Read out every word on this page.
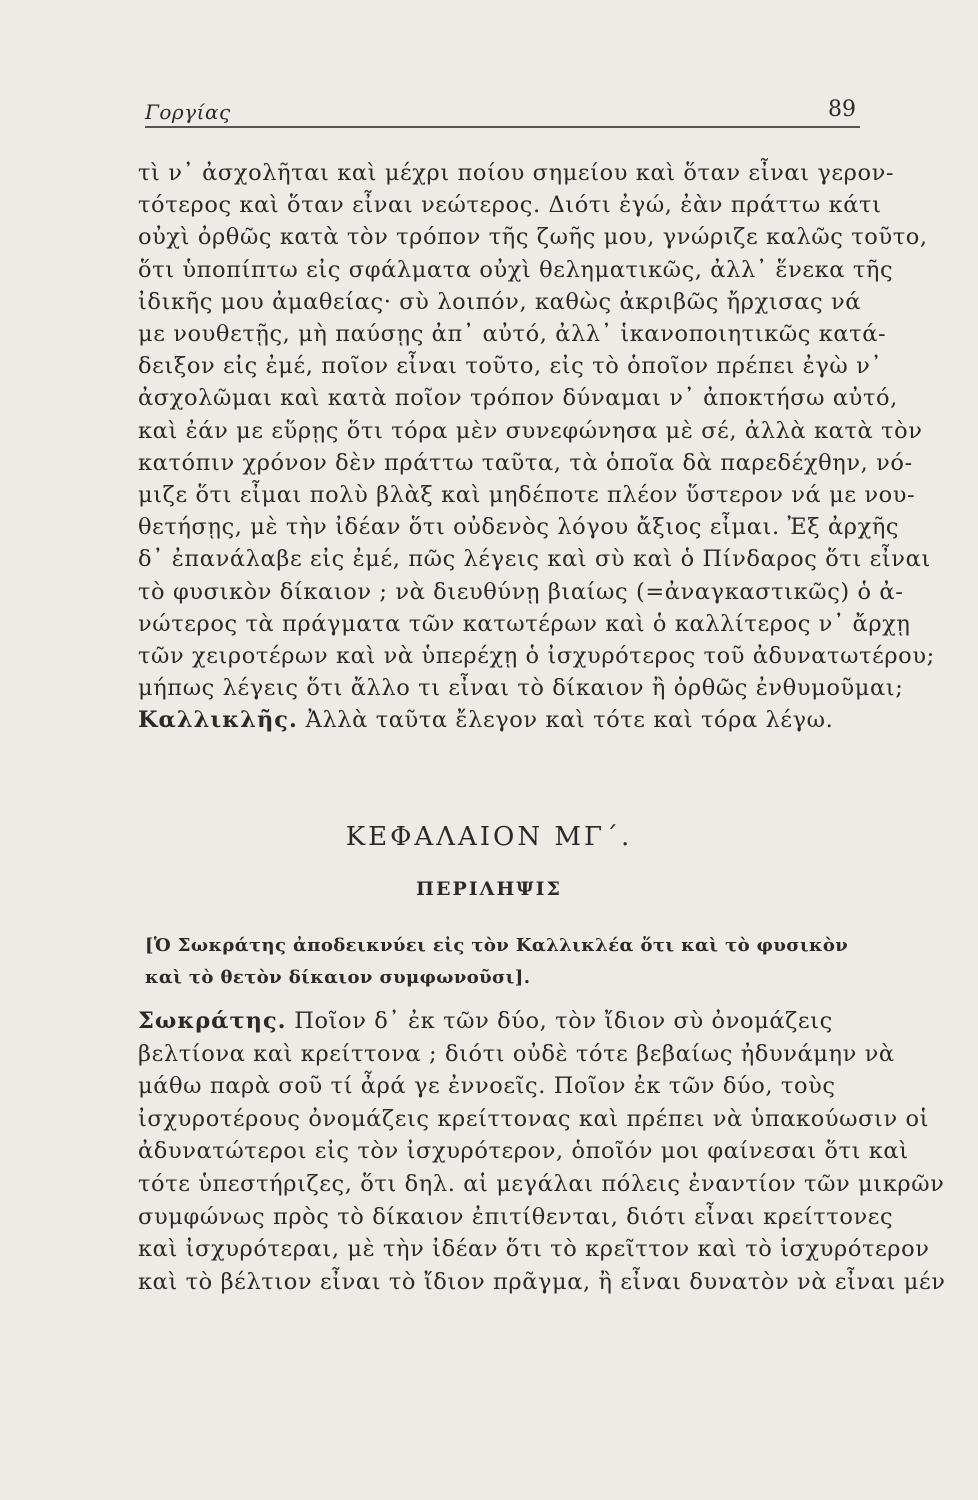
Γοργίας	89
τὶ ν᾽ ἀσχολῆται καὶ μέχρι ποίου σημείου καὶ ὅταν εἶναι γερον-
τότερος καὶ ὅταν εἶναι νεώτερος. Διότι ἐγώ, ἐὰν πράττω κάτι
οὐχὶ ὀρθῶς κατὰ τὸν τρόπον τῆς ζωῆς μου, γνώριζε καλῶς τοῦτο,
ὅτι ὑποπίπτω εἰς σφάλματα οὐχὶ θεληματικῶς, ἀλλ᾽ ἕνεκα τῆς
ἰδικῆς μου ἀμαθείας· σὺ λοιπόν, καθὼς ἀκριβῶς ἤρχισας νά
με νουθετῇς, μὴ παύσῃς ἀπ᾽ αὐτό, ἀλλ᾽ ἱκανοποιητικῶς κατά-
δειξον εἰς ἐμέ, ποῖον εἶναι τοῦτο, εἰς τὸ ὁποῖον πρέπει ἐγὼ ν᾽
ἀσχολῶμαι καὶ κατὰ ποῖον τρόπον δύναμαι ν᾽ ἀποκτήσω αὐτό,
καὶ ἐάν με εὕρῃς ὅτι τόρα μὲν συνεφώνησα μὲ σέ, ἀλλὰ κατὰ τὸν
κατόπιν χρόνον δὲν πράττω ταῦτα, τὰ ὁποῖα δὰ παρεδέχθην, νό-
μιζε ὅτι εἶμαι πολὺ βλὰξ καὶ μηδέποτε πλέον ὕστερον νά με νου-
θετήσῃς, μὲ τὴν ἰδέαν ὅτι οὐδενὸς λόγου ἄξιος εἶμαι. Ἐξ ἀρχῆς
δ᾽ ἐπανάλαβε εἰς ἐμέ, πῶς λέγεις καὶ σὺ καὶ ὁ Πίνδαρος ὅτι εἶναι
τὸ φυσικὸν δίκαιον ; νὰ διευθύνῃ βιαίως (=ἀναγκαστικῶς) ὁ ἀ-
νώτερος τὰ πράγματα τῶν κατωτέρων καὶ ὁ καλλίτερος ν᾽ ἄρχῃ
τῶν χειροτέρων καὶ νὰ ὑπερέχῃ ὁ ἰσχυρότερος τοῦ ἀδυνατωτέρου;
μήπως λέγεις ὅτι ἄλλο τι εἶναι τὸ δίκαιον ἢ ὀρθῶς ἐνθυμοῦμαι;
Καλλικλῆς. Ἀλλὰ ταῦτα ἔλεγον καὶ τότε καὶ τόρα λέγω.
ΚΕΦΑΛΑΙΟΝ ΜΓ΄.
ΠΕΡΙΛΗΨΙΣ
[Ὁ Σωκράτης ἀποδεικνύει εἰς τὸν Καλλικλέα ὅτι καὶ τὸ φυσικὸν
καὶ τὸ θετὸν δίκαιον συμφωνοῦσι].
Σωκράτης. Ποῖον δ᾽ ἐκ τῶν δύο, τὸν ἴδιον σὺ ὀνομάζεις
βελτίονα καὶ κρείττονα ; διότι οὐδὲ τότε βεβαίως ἠδυνάμην νὰ
μάθω παρὰ σοῦ τί ἆρά γε ἐννοεῖς. Ποῖον ἐκ τῶν δύο, τοὺς
ἰσχυροτέρους ὀνομάζεις κρείττονας καὶ πρέπει νὰ ὑπακούωσιν οἱ
ἀδυνατώτεροι εἰς τὸν ἰσχυρότερον, ὁποῖόν μοι φαίνεσαι ὅτι καὶ
τότε ὑπεστήριζες, ὅτι δηλ. αἱ μεγάλαι πόλεις ἐναντίον τῶν μικρῶν
συμφώνως πρὸς τὸ δίκαιον ἐπιτίθενται, διότι εἶναι κρείττονες
καὶ ἰσχυρότεραι, μὲ τὴν ἰδέαν ὅτι τὸ κρεῖττον καὶ τὸ ἰσχυρότερον
καὶ τὸ βέλτιον εἶναι τὸ ἴδιον πρᾶγμα, ἢ εἶναι δυνατὸν νὰ εἶναι μέν
